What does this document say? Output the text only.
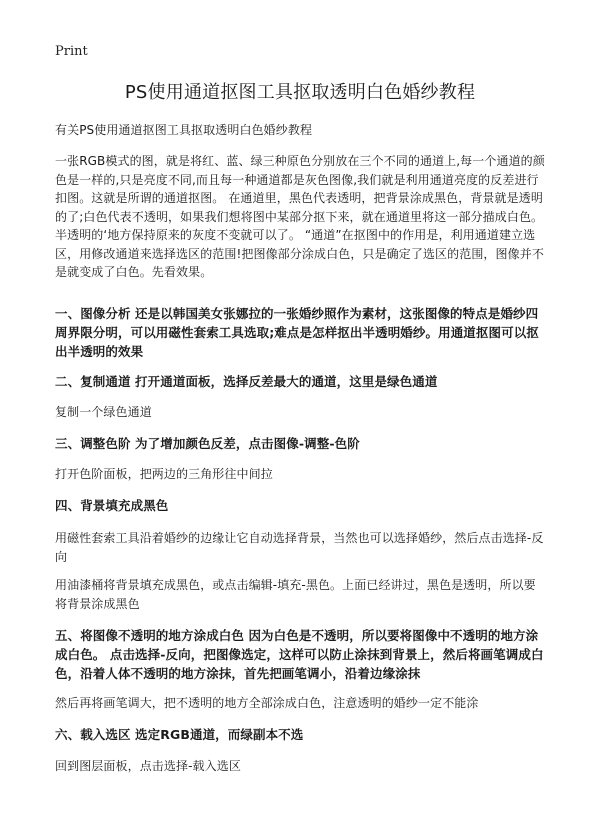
Print
PS使用通道抠图工具抠取透明白色婚纱教程

有关PS使用通道抠图工具抠取透明白色婚纱教程

一张RGB模式的图，就是将红、蓝、绿三种原色分别放在三个不同的通道上,每一个通道的颜色是一样的,只是亮度不同,而且每一种通道都是灰色图像,我们就是利用通道亮度的反差进行扣图。这就是所谓的通道抠图。 在通道里，黑色代表透明，把背景涂成黑色，背景就是透明的了;白色代表不透明，如果我们想将图中某部分抠下来，就在通道里将这一部分描成白色。半透明的‘地方保持原来的灰度不变就可以了。 “通道”在抠图中的作用是，利用通道建立选区，用修改通道来选择选区的范围!把图像部分涂成白色，只是确定了选区的范围，图像并不是就变成了白色。先看效果。

一、图像分析 还是以韩国美女张娜拉的一张婚纱照作为素材，这张图像的特点是婚纱四周界限分明，可以用磁性套索工具选取;难点是怎样抠出半透明婚纱。用通道抠图可以抠出半透明的效果

二、复制通道 打开通道面板，选择反差最大的通道，这里是绿色通道

复制一个绿色通道

三、调整色阶 为了增加颜色反差，点击图像-调整-色阶

打开色阶面板，把两边的三角形往中间拉

四、背景填充成黑色

用磁性套索工具沿着婚纱的边缘让它自动选择背景，当然也可以选择婚纱，然后点击选择-反向

用油漆桶将背景填充成黑色，或点击编辑-填充-黑色。上面已经讲过，黑色是透明，所以要将背景涂成黑色

五、将图像不透明的地方涂成白色 因为白色是不透明，所以要将图像中不透明的地方涂成白色。 点击选择-反向，把图像选定，这样可以防止涂抹到背景上，然后将画笔调成白色，沿着人体不透明的地方涂抹，首先把画笔调小，沿着边缘涂抹

然后再将画笔调大，把不透明的地方全部涂成白色，注意透明的婚纱一定不能涂

六、载入选区 选定RGB通道，而绿副本不选

回到图层面板，点击选择-载入选区
